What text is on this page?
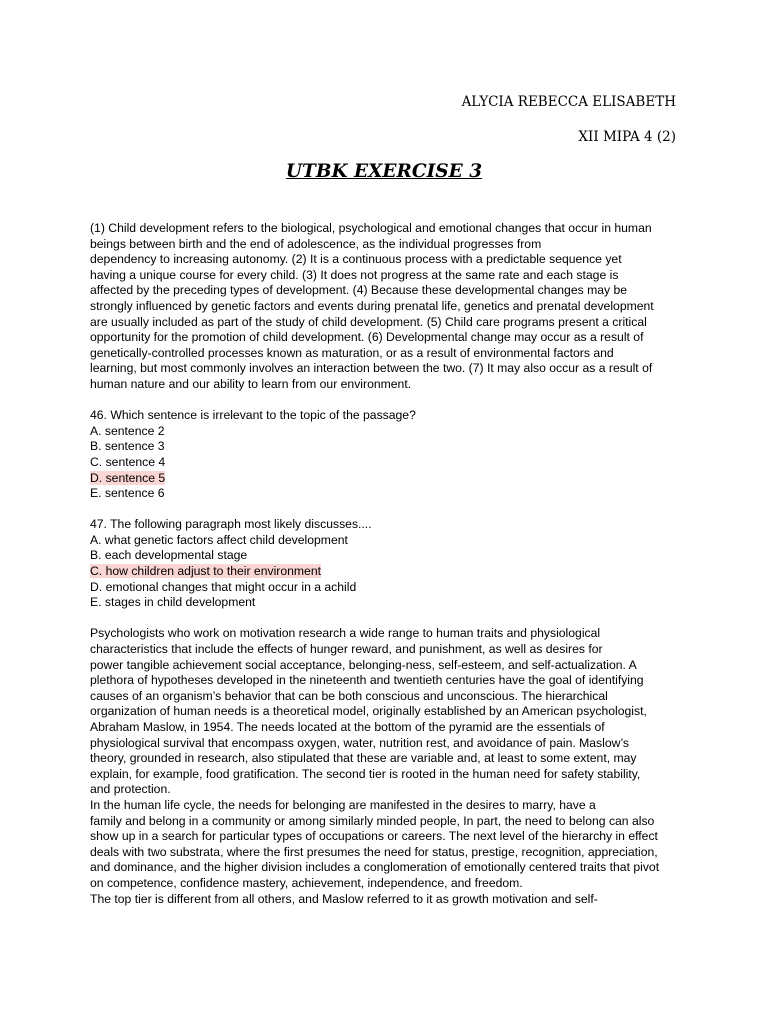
ALYCIA REBECCA ELISABETH
XII MIPA 4 (2)
UTBK EXERCISE 3
(1) Child development refers to the biological, psychological and emotional changes that occur in human
beings between birth and the end of adolescence, as the individual progresses from
dependency to increasing autonomy. (2) It is a continuous process with a predictable sequence yet
having a unique course for every child. (3) It does not progress at the same rate and each stage is
affected by the preceding types of development. (4) Because these developmental changes may be
strongly influenced by genetic factors and events during prenatal life, genetics and prenatal development
are usually included as part of the study of child development. (5) Child care programs present a critical
opportunity for the promotion of child development. (6) Developmental change may occur as a result of
genetically-controlled processes known as maturation, or as a result of environmental factors and
learning, but most commonly involves an interaction between the two. (7) It may also occur as a result of
human nature and our ability to learn from our environment.
46. Which sentence is irrelevant to the topic of the passage?
A. sentence 2
B. sentence 3
C. sentence 4
D. sentence 5
E. sentence 6
47. The following paragraph most likely discusses....
A. what genetic factors affect child development
B. each developmental stage
C. how children adjust to their environment
D. emotional changes that might occur in a achild
E. stages in child development
Psychologists who work on motivation research a wide range to human traits and physiological
characteristics that include the effects of hunger reward, and punishment, as well as desires for
power tangible achievement social acceptance, belonging-ness, self-esteem, and self-actualization. A
plethora of hypotheses developed in the nineteenth and twentieth centuries have the goal of identifying
causes of an organism’s behavior that can be both conscious and unconscious. The hierarchical
organization of human needs is a theoretical model, originally established by an American psychologist,
Abraham Maslow, in 1954. The needs located at the bottom of the pyramid are the essentials of
physiological survival that encompass oxygen, water, nutrition rest, and avoidance of pain. Maslow’s
theory, grounded in research, also stipulated that these are variable and, at least to some extent, may
explain, for example, food gratification. The second tier is rooted in the human need for safety stability,
and protection.
In the human life cycle, the needs for belonging are manifested in the desires to marry, have a
family and belong in a community or among similarly minded people, In part, the need to belong can also
show up in a search for particular types of occupations or careers. The next level of the hierarchy in effect
deals with two substrata, where the first presumes the need for status, prestige, recognition, appreciation,
and dominance, and the higher division includes a conglomeration of emotionally centered traits that pivot
on competence, confidence mastery, achievement, independence, and freedom.
The top tier is different from all others, and Maslow referred to it as growth motivation and self-
